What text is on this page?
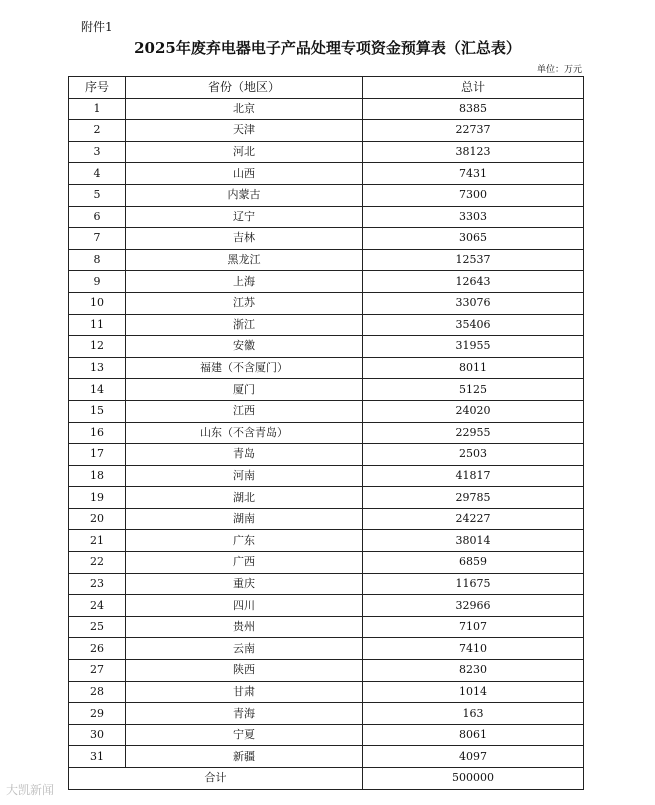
附件1
2025年废弃电器电子产品处理专项资金预算表（汇总表）
单位：万元
序号	省份（地区）	总计
1	北京	8385
2	天津	22737
3	河北	38123
4	山西	7431
5	内蒙古	7300
6	辽宁	3303
7	吉林	3065
8	黑龙江	12537
9	上海	12643
10	江苏	33076
11	浙江	35406
12	安徽	31955
13	福建（不含厦门）	8011
14	厦门	5125
15	江西	24020
16	山东（不含青岛）	22955
17	青岛	2503
18	河南	41817
19	湖北	29785
20	湖南	24227
21	广东	38014
22	广西	6859
23	重庆	11675
24	四川	32966
25	贵州	7107
26	云南	7410
27	陕西	8230
28	甘肃	1014
29	青海	163
30	宁夏	8061
31	新疆	4097
合计		500000
大凯新闻
